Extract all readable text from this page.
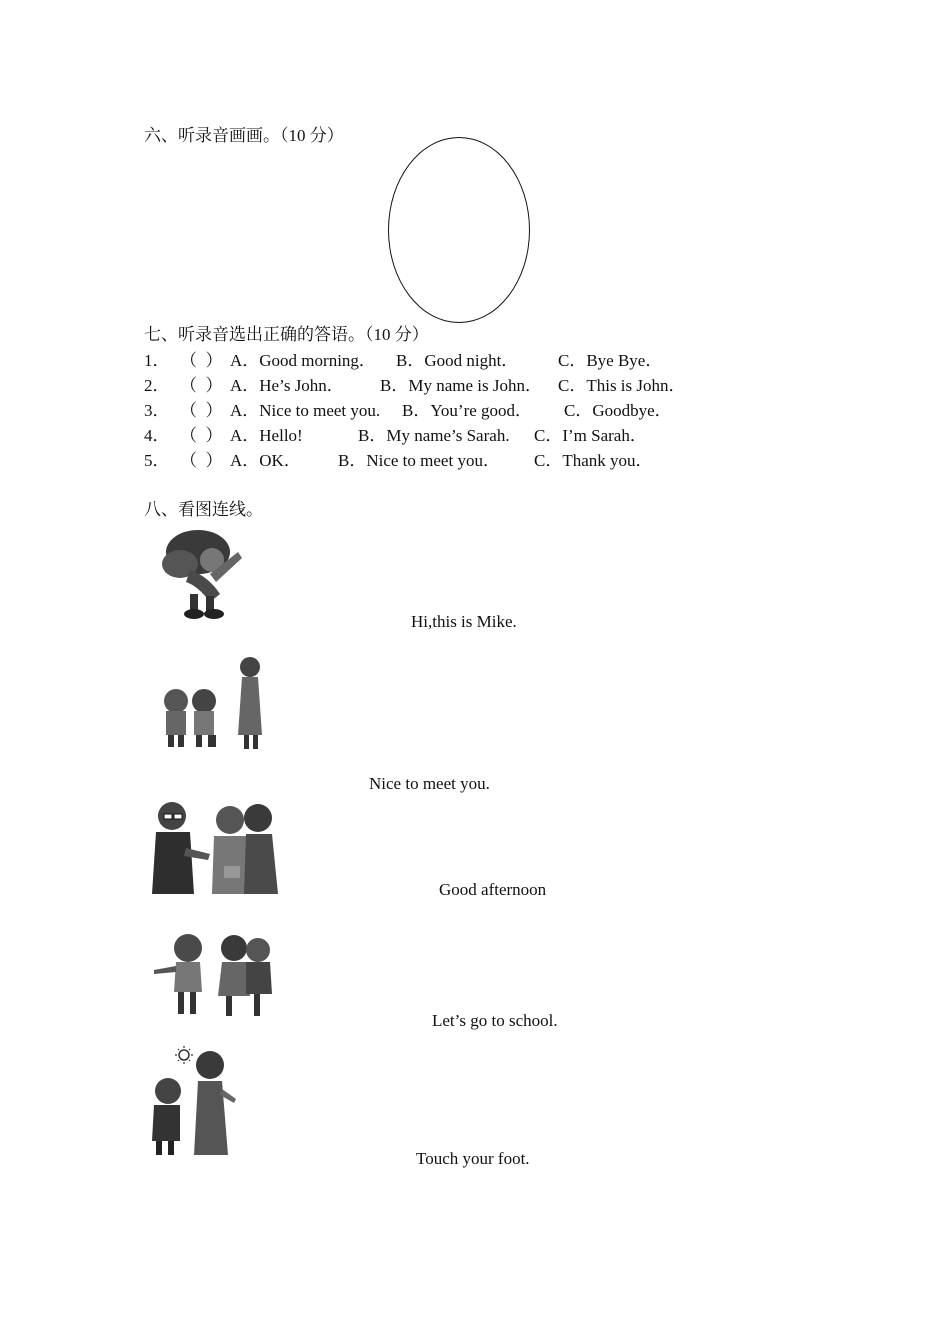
六、听录音画画。（10 分）
七、听录音选出正确的答语。（10 分）
1． （  ） A．Good morning． B．Good night． C．Bye Bye．
2． （  ） A．He’s John． B．My name is John． C．This is John．
3． （  ） A．Nice to meet you. B．You’re good． C．Goodbye．
4． （  ） A．Hello!	B．My name’s Sarah. C．I’m Sarah．
5． （  ） A．OK． B．Nice to meet you． C．Thank you．
八、看图连线。
Hi,this is Mike.
Nice to meet you.
Good afternoon
Let’s go to school.
Touch your foot.
